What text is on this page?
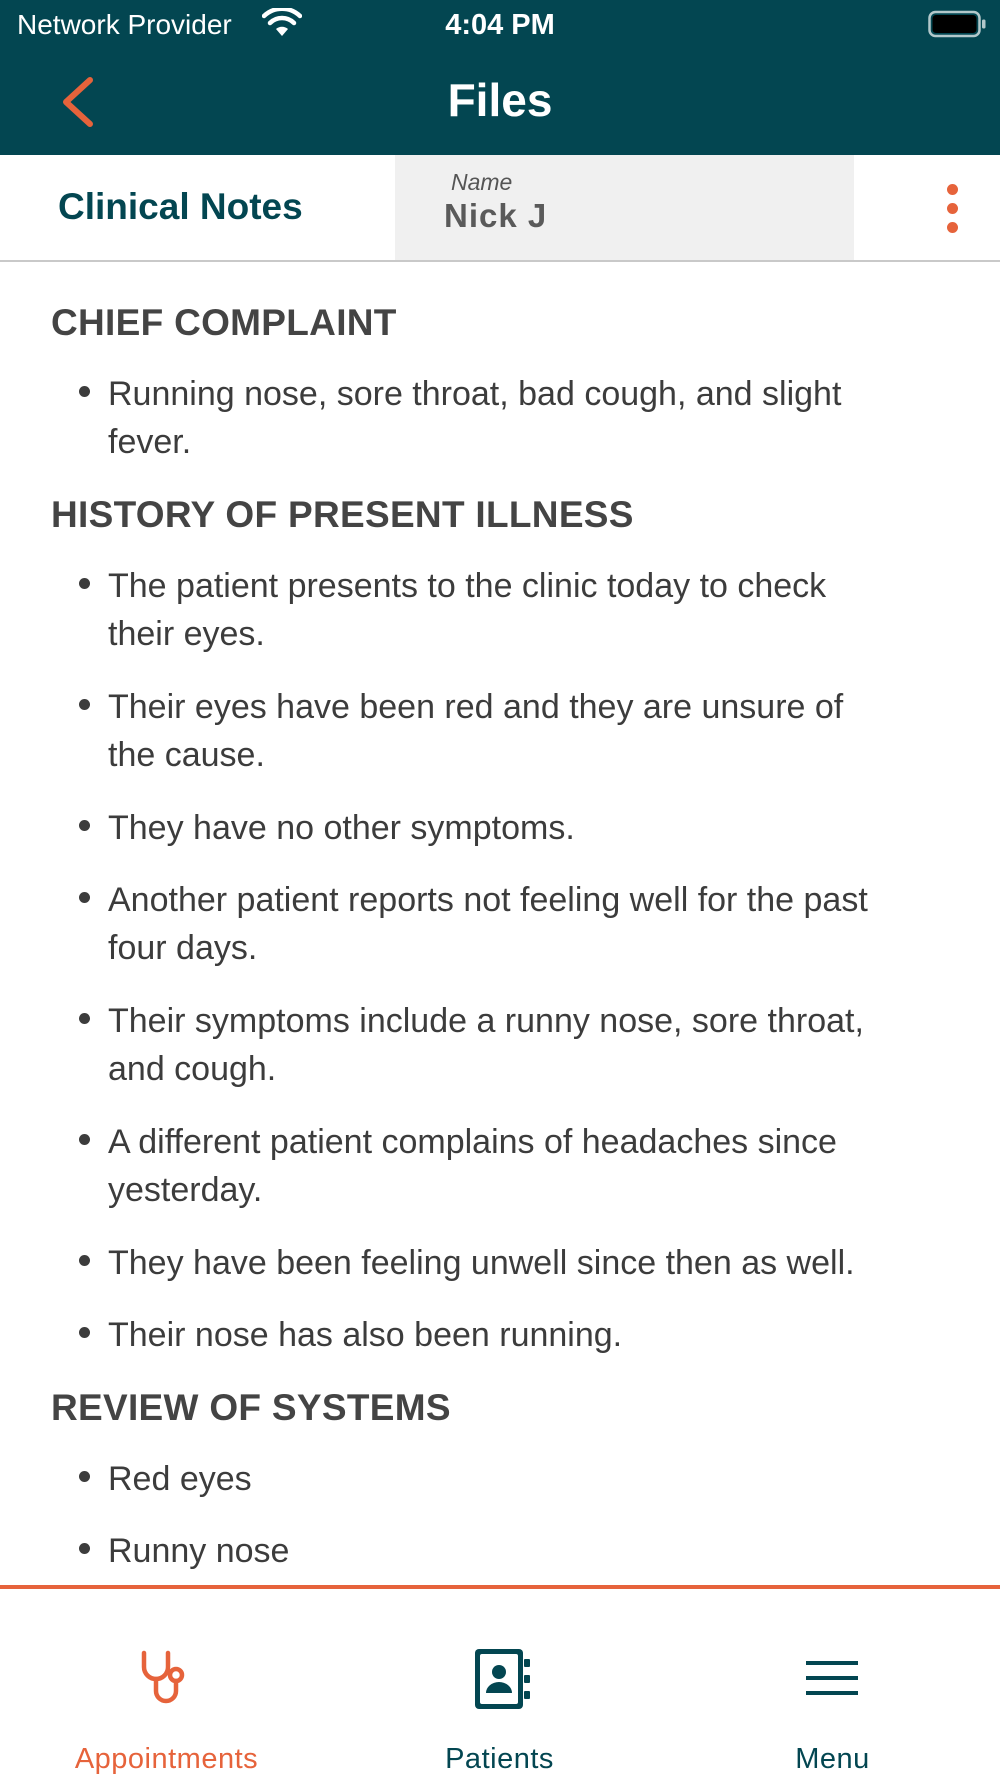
Network Provider	4:04 PM
Files
Clinical Notes
Name
Nick J
CHIEF COMPLAINT
Running nose, sore throat, bad cough, and slight
fever.
HISTORY OF PRESENT ILLNESS
The patient presents to the clinic today to check
their eyes.
Their eyes have been red and they are unsure of
the cause.
They have no other symptoms.
Another patient reports not feeling well for the past
four days.
Their symptoms include a runny nose, sore throat,
and cough.
A different patient complains of headaches since
yesterday.
They have been feeling unwell since then as well.
Their nose has also been running.
REVIEW OF SYSTEMS
Red eyes
Runny nose
Appointments	Patients	Menu
